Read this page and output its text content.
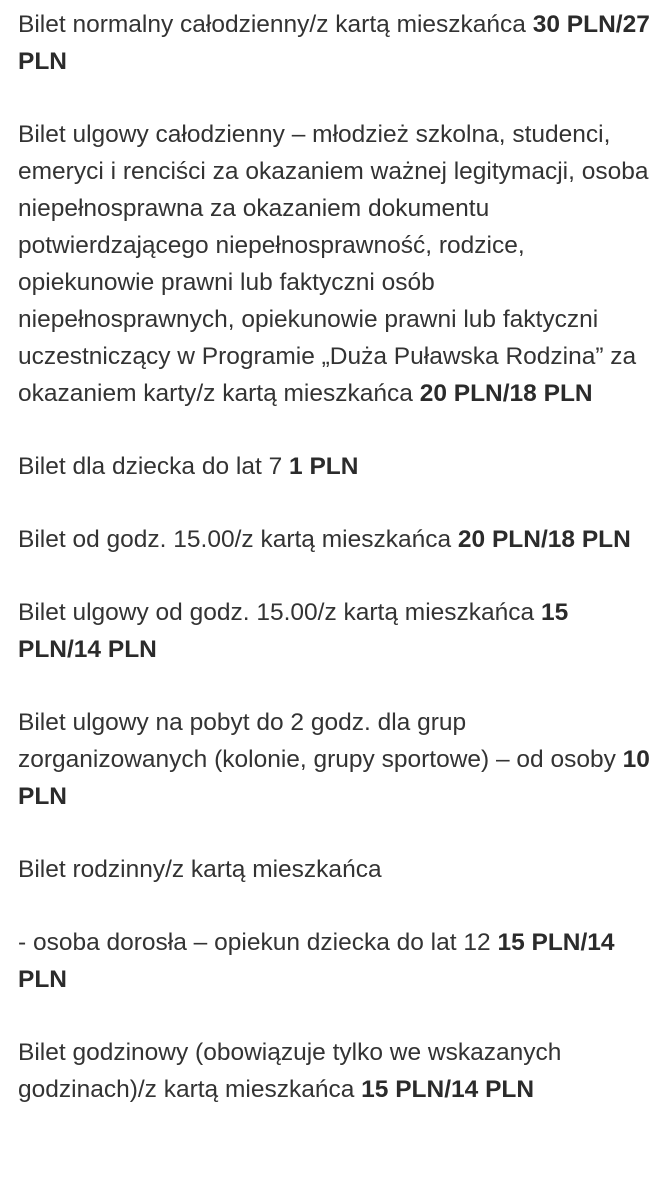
Bilet normalny całodzienny/z kartą mieszkańca 30 PLN/27 PLN

Bilet ulgowy całodzienny – młodzież szkolna, studenci, emeryci i renciści za okazaniem ważnej legitymacji, osoba niepełnosprawna za okazaniem dokumentu potwierdzającego niepełnosprawność, rodzice, opiekunowie prawni lub faktyczni osób niepełnosprawnych, opiekunowie prawni lub faktyczni uczestniczący w Programie „Duża Puławska Rodzina” za okazaniem karty/z kartą mieszkańca 20 PLN/18 PLN

Bilet dla dziecka do lat 7 1 PLN

Bilet od godz. 15.00/z kartą mieszkańca 20 PLN/18 PLN

Bilet ulgowy od godz. 15.00/z kartą mieszkańca 15 PLN/14 PLN

Bilet ulgowy na pobyt do 2 godz. dla grup zorganizowanych (kolonie, grupy sportowe) – od osoby 10 PLN

Bilet rodzinny/z kartą mieszkańca

- osoba dorosła – opiekun dziecka do lat 12 15 PLN/14 PLN

Bilet godzinowy (obowiązuje tylko we wskazanych godzinach)/z kartą mieszkańca 15 PLN/14 PLN
